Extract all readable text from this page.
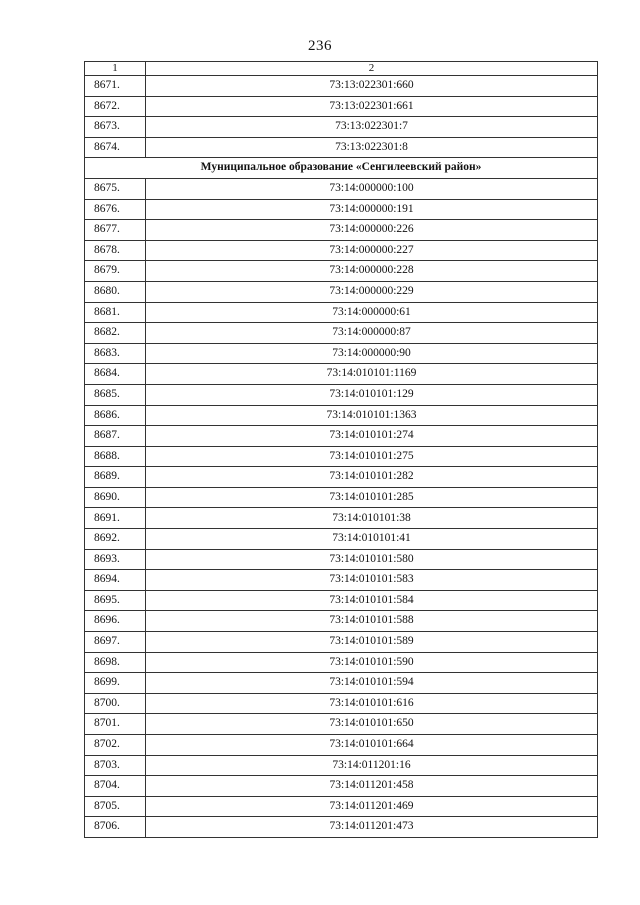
236
1	2
8671.	73:13:022301:660
8672.	73:13:022301:661
8673.	73:13:022301:7
8674.	73:13:022301:8
Муниципальное образование «Сенгилеевский район»	
8675.	73:14:000000:100
8676.	73:14:000000:191
8677.	73:14:000000:226
8678.	73:14:000000:227
8679.	73:14:000000:228
8680.	73:14:000000:229
8681.	73:14:000000:61
8682.	73:14:000000:87
8683.	73:14:000000:90
8684.	73:14:010101:1169
8685.	73:14:010101:129
8686.	73:14:010101:1363
8687.	73:14:010101:274
8688.	73:14:010101:275
8689.	73:14:010101:282
8690.	73:14:010101:285
8691.	73:14:010101:38
8692.	73:14:010101:41
8693.	73:14:010101:580
8694.	73:14:010101:583
8695.	73:14:010101:584
8696.	73:14:010101:588
8697.	73:14:010101:589
8698.	73:14:010101:590
8699.	73:14:010101:594
8700.	73:14:010101:616
8701.	73:14:010101:650
8702.	73:14:010101:664
8703.	73:14:011201:16
8704.	73:14:011201:458
8705.	73:14:011201:469
8706.	73:14:011201:473
